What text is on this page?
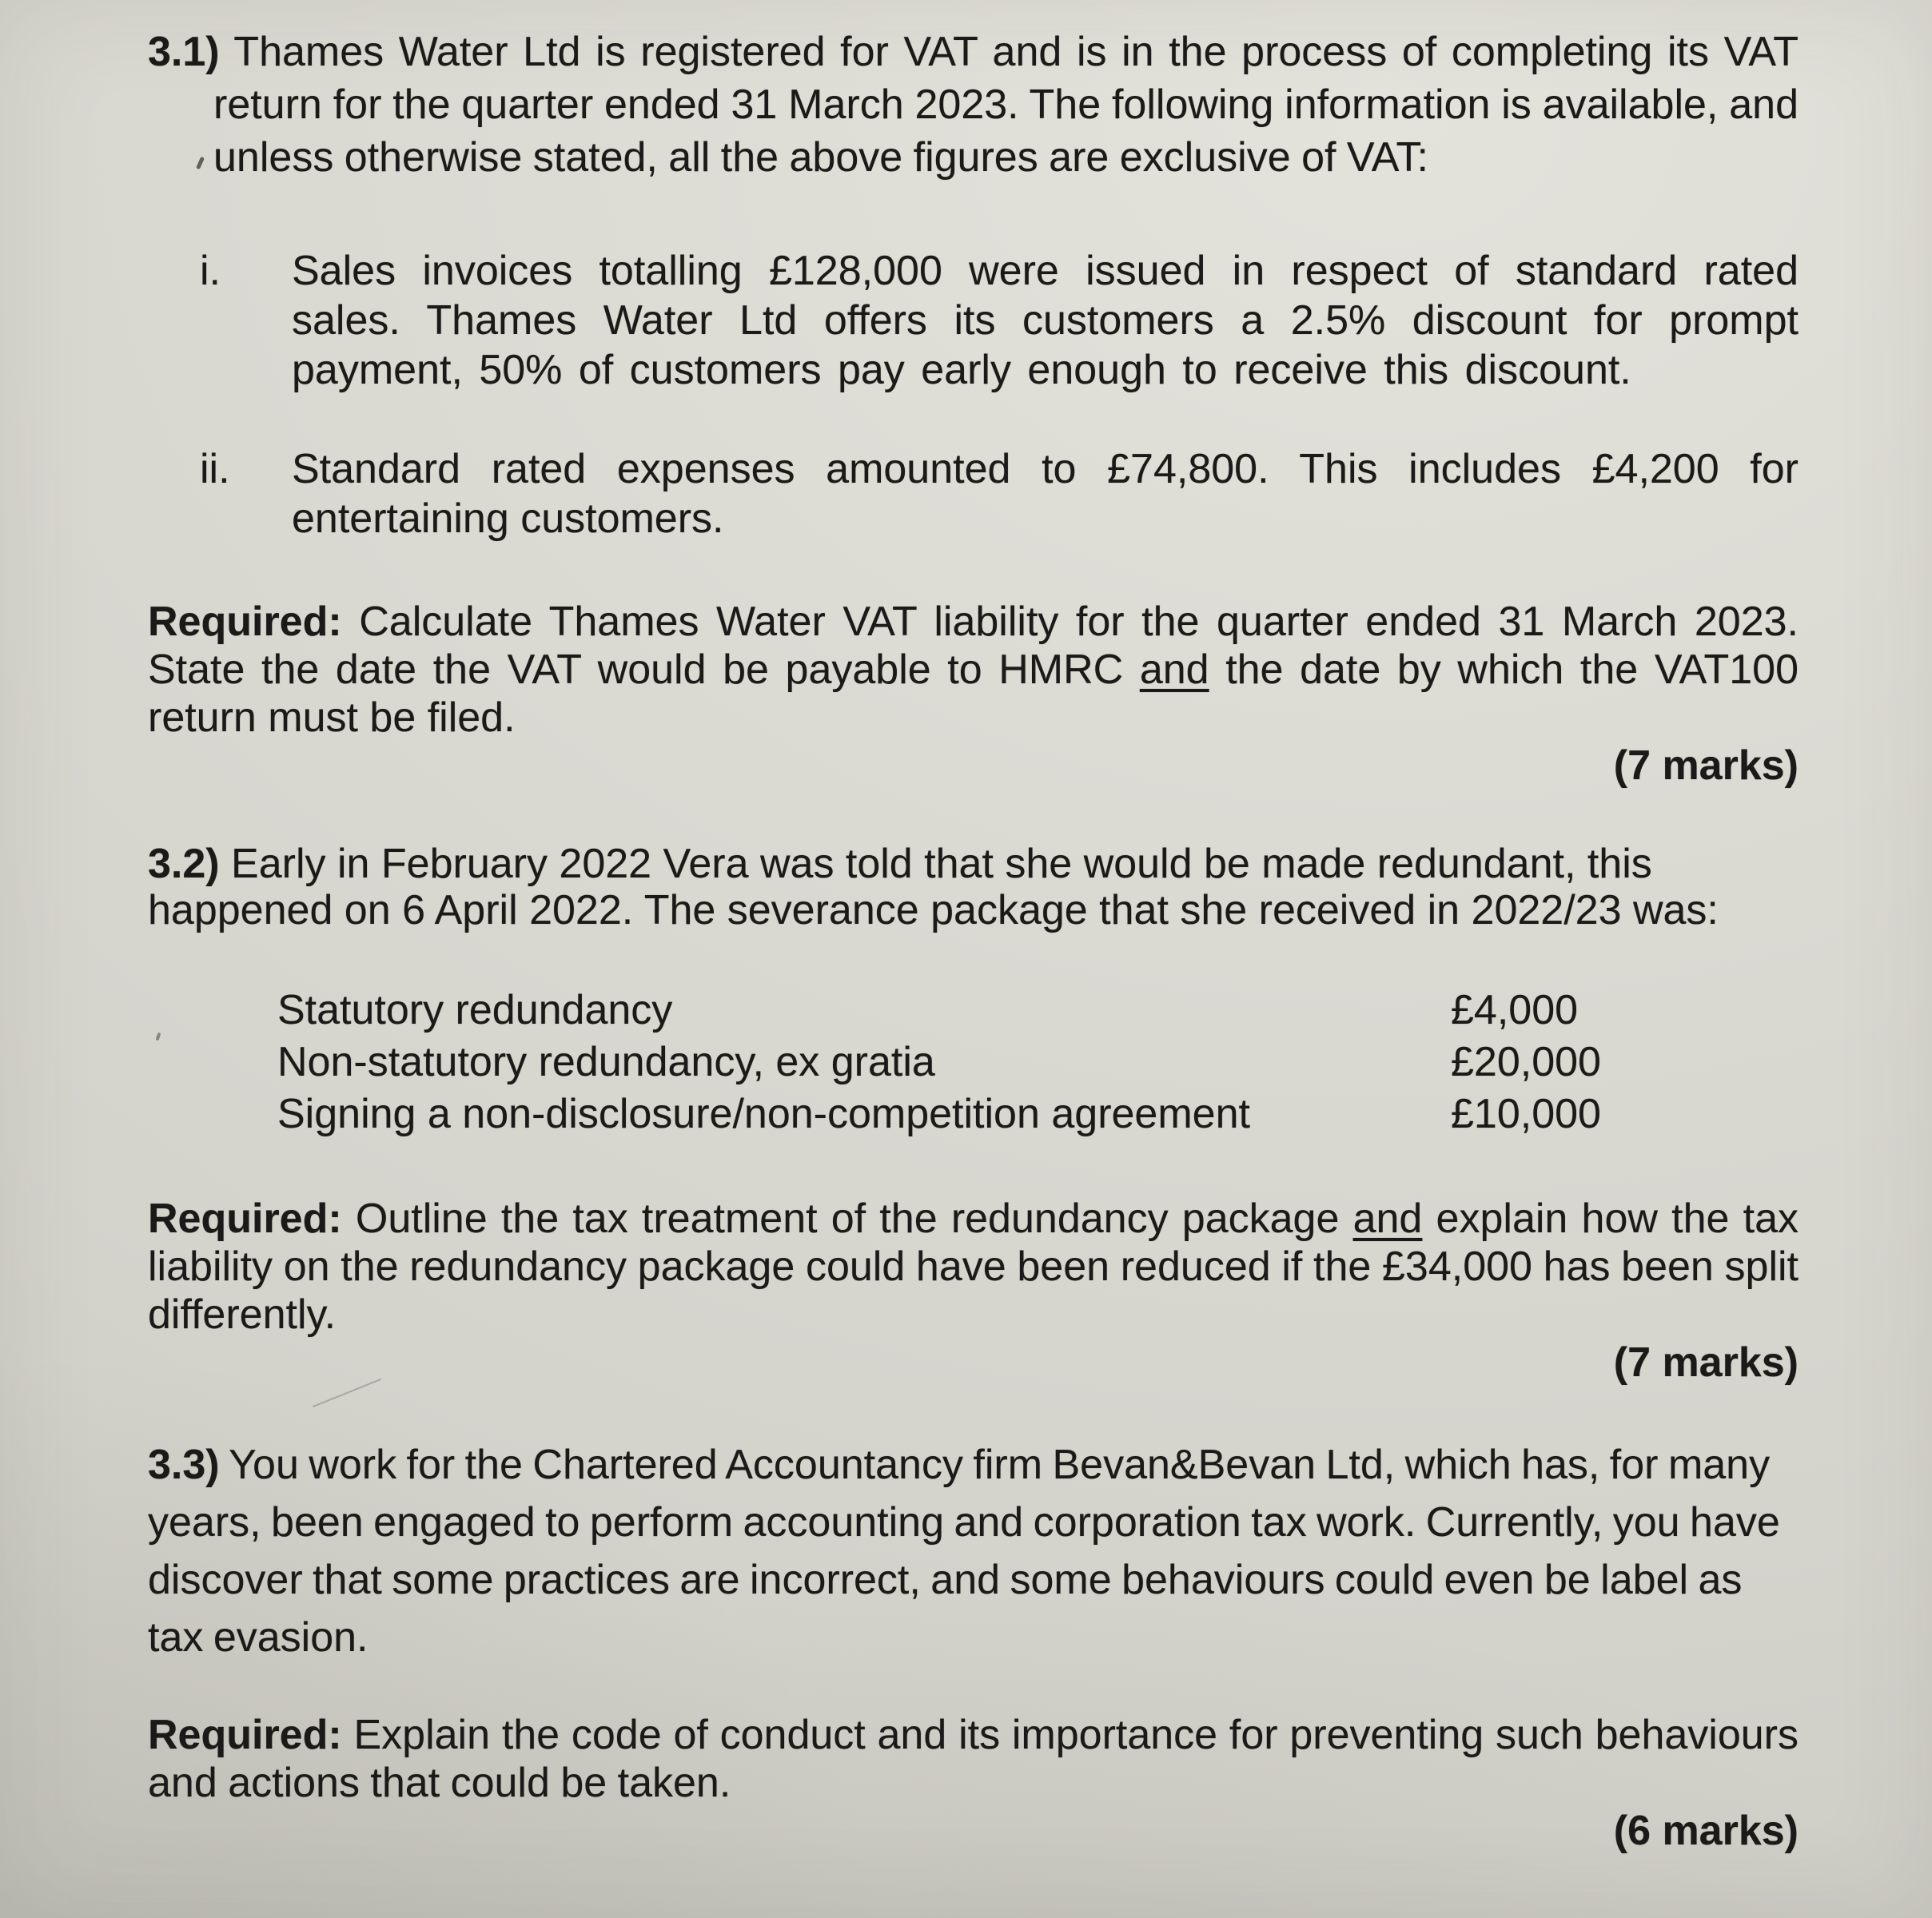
3.1) Thames Water Ltd is registered for VAT and is in the process of completing its VAT return for the quarter ended 31 March 2023. The following information is available, and unless otherwise stated, all the above figures are exclusive of VAT:

i. Sales invoices totalling £128,000 were issued in respect of standard rated sales. Thames Water Ltd offers its customers a 2.5% discount for prompt payment, 50% of customers pay early enough to receive this discount.
ii. Standard rated expenses amounted to £74,800. This includes £4,200 for entertaining customers.

Required: Calculate Thames Water VAT liability for the quarter ended 31 March 2023. State the date the VAT would be payable to HMRC and the date by which the VAT100 return must be filed.

(7 marks)

3.2) Early in February 2022 Vera was told that she would be made redundant, this happened on 6 April 2022. The severance package that she received in 2022/23 was:

Statutory redundancy	£4,000
Non-statutory redundancy, ex gratia	£20,000
Signing a non-disclosure/non-competition agreement	£10,000

Required: Outline the tax treatment of the redundancy package and explain how the tax liability on the redundancy package could have been reduced if the £34,000 has been split differently.

(7 marks)

3.3) You work for the Chartered Accountancy firm Bevan&Bevan Ltd, which has, for many years, been engaged to perform accounting and corporation tax work. Currently, you have discover that some practices are incorrect, and some behaviours could even be label as tax evasion.

Required: Explain the code of conduct and its importance for preventing such behaviours and actions that could be taken.

(6 marks)
